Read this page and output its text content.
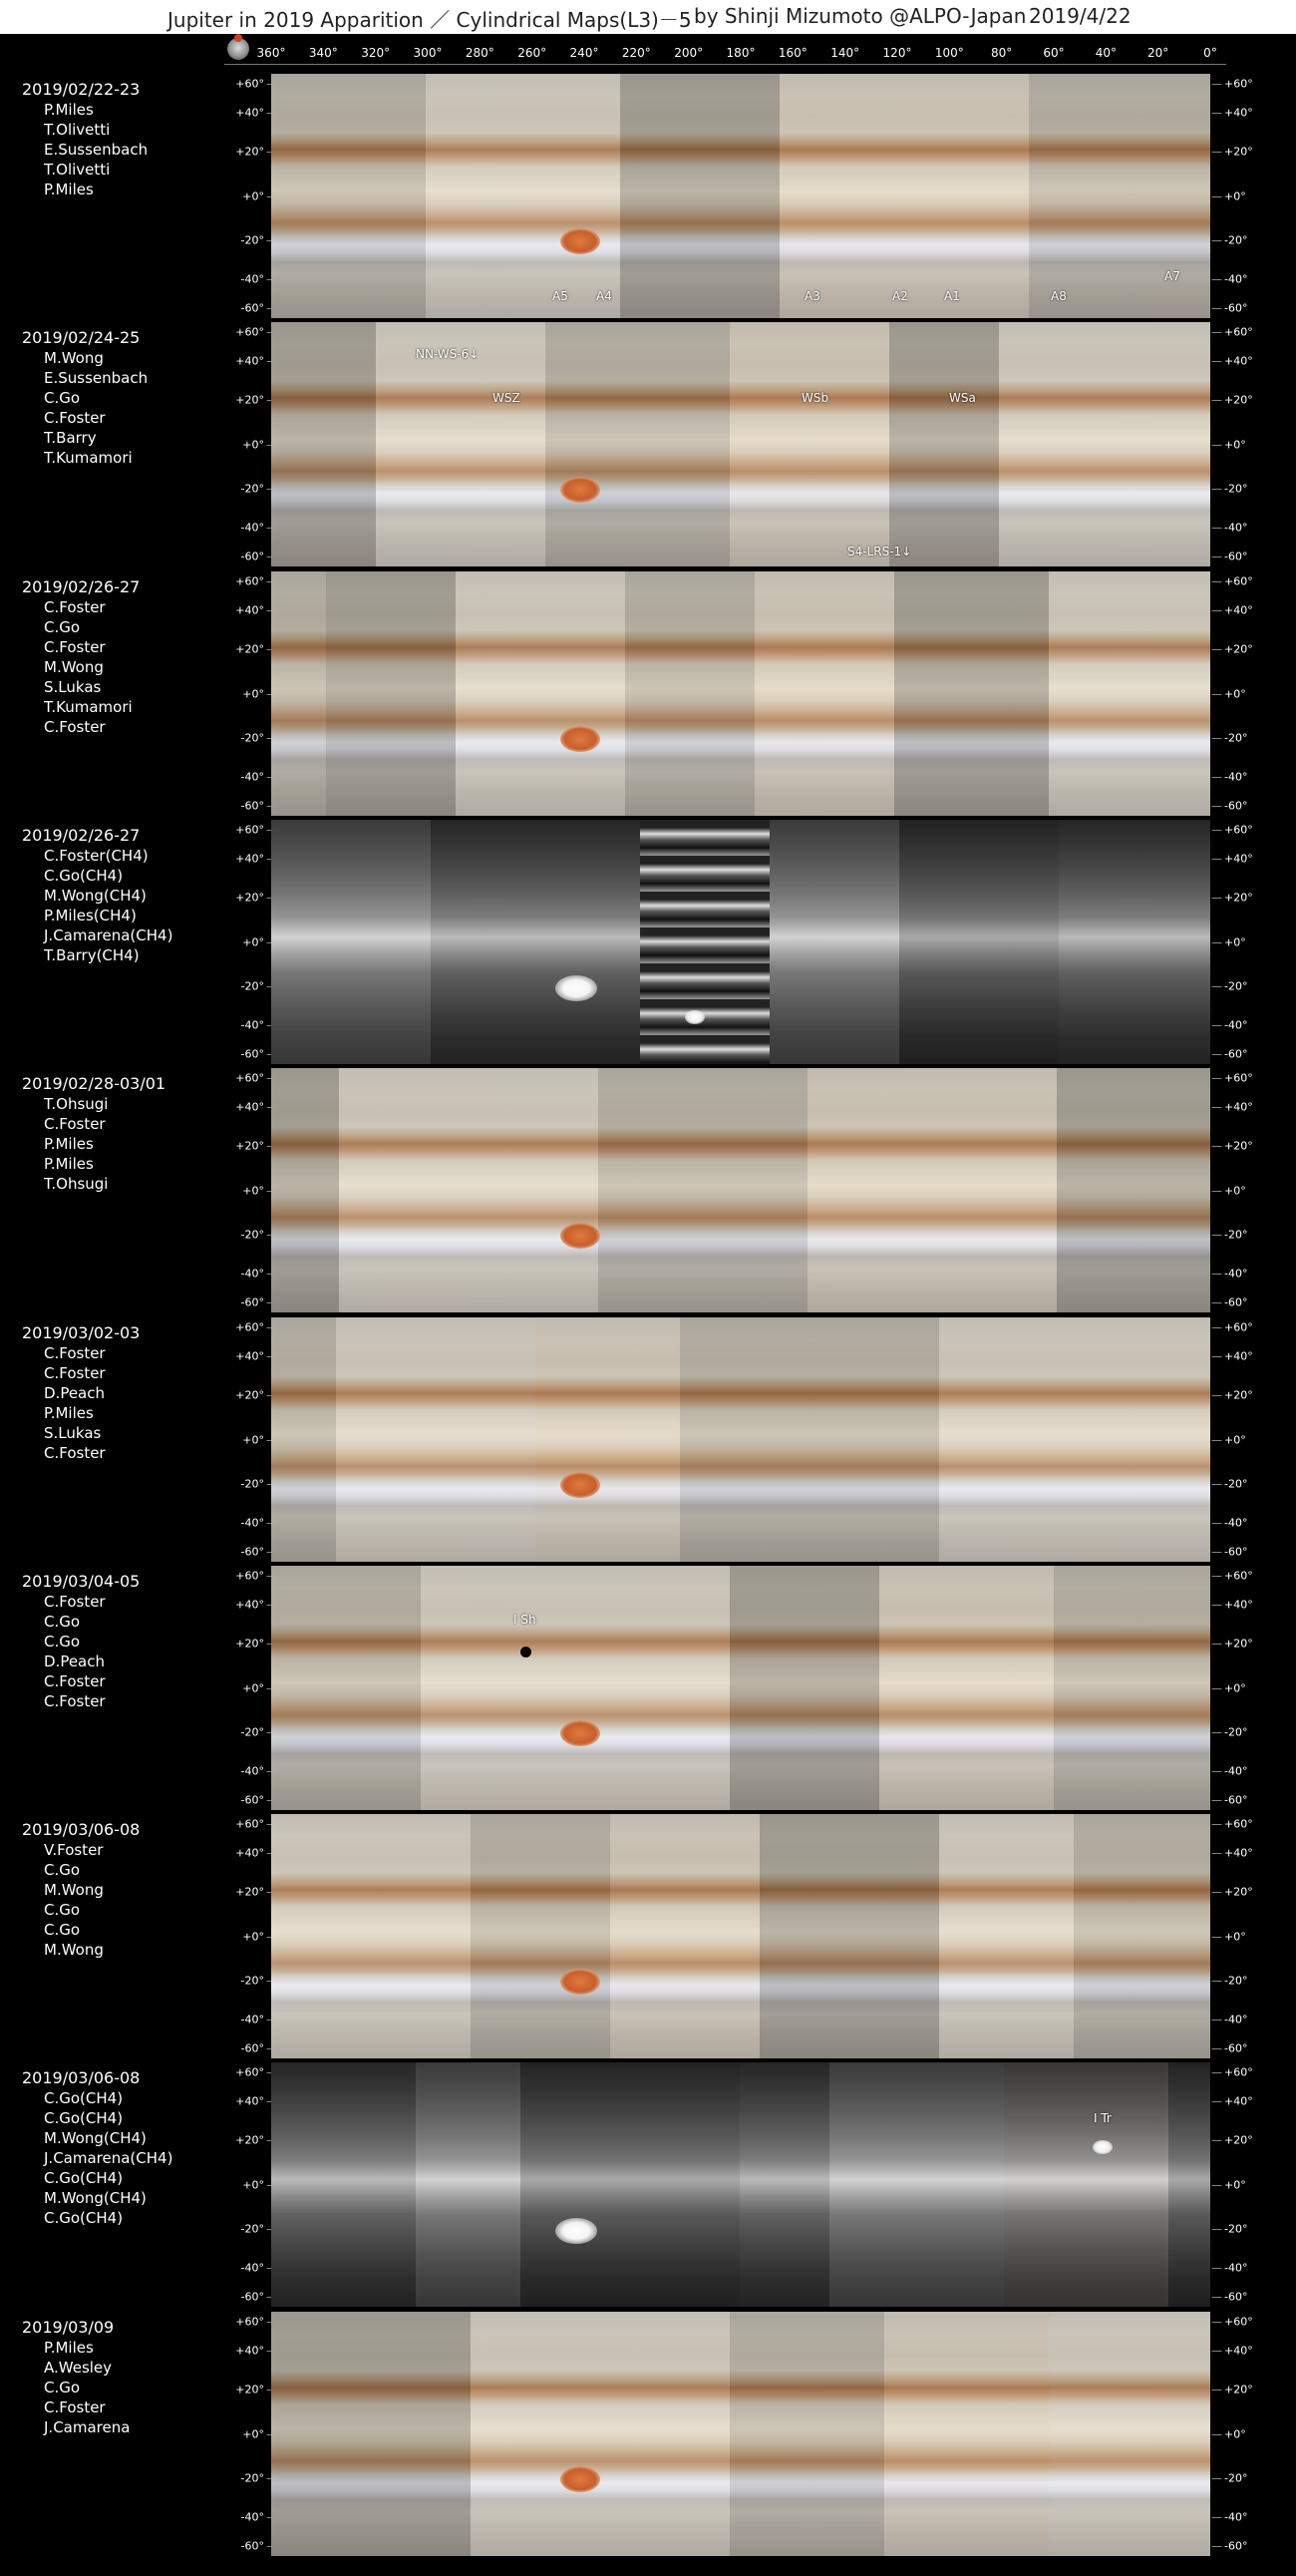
Jupiter in 2019 Apparition ／ Cylindrical Maps(L3)－5 by Shinji Mizumoto @ALPO-Japan 2019/4/22
360° 340° 320° 300° 280° 260° 240° 220° 200° 180° 160° 140° 120° 100° 80°	60°	40°	20°	0°
2019/02/22-23
P.Miles
T.Olivetti
E.Sussenbach
T.Olivetti
P.Miles
+60° —
+40° —
+20° —
+0° —
-20° —
-40° —
-60° —
— +60°
— +40°
— +20°
— +0°
— -20°
— -40°
— -60°
A5 A4	A3	A2	A1	A8
A7
2019/02/24-25
M.Wong
E.Sussenbach
C.Go
C.Foster
T.Barry
T.Kumamori
+60° —
+40° —
+20° —
+0° —
-20° —
-40° —
-60° —
— +60°
— +40°
— +20°
— +0°
— -20°
— -40°
— -60°
NN-WS-6↓
WSZ	WSb	WSa
S4-LRS-1↓
2019/02/26-27
C.Foster
C.Go
C.Foster
M.Wong
S.Lukas
T.Kumamori
C.Foster
+60° —
+40° —
+20° —
+0° —
-20° —
-40° —
-60° —
— +60°
— +40°
— +20°
— +0°
— -20°
— -40°
— -60°
2019/02/26-27
C.Foster(CH4)
C.Go(CH4)
M.Wong(CH4)
P.Miles(CH4)
J.Camarena(CH4)
T.Barry(CH4)
+60° —
+40° —
+20° —
+0° —
-20° —
-40° —
-60° —
— +60°
— +40°
— +20°
— +0°
— -20°
— -40°
— -60°
2019/02/28-03/01
T.Ohsugi
C.Foster
P.Miles
P.Miles
T.Ohsugi
+60° —
+40° —
+20° —
+0° —
-20° —
-40° —
-60° —
— +60°
— +40°
— +20°
— +0°
— -20°
— -40°
— -60°
2019/03/02-03
C.Foster
C.Foster
D.Peach
P.Miles
S.Lukas
C.Foster
+60° —
+40° —
+20° —
+0° —
-20° —
-40° —
-60° —
— +60°
— +40°
— +20°
— +0°
— -20°
— -40°
— -60°
2019/03/04-05
C.Foster
C.Go
C.Go
D.Peach
C.Foster
C.Foster
+60° —
+40° —
+20° —
+0° —
-20° —
-40° —
-60° —
— +60°
— +40°
— +20°
— +0°
— -20°
— -40°
— -60°
I Sh
2019/03/06-08
V.Foster
C.Go
M.Wong
C.Go
C.Go
M.Wong
+60° —
+40° —
+20° —
+0° —
-20° —
-40° —
-60° —
— +60°
— +40°
— +20°
— +0°
— -20°
— -40°
— -60°
2019/03/06-08
C.Go(CH4)
C.Go(CH4)
M.Wong(CH4)
J.Camarena(CH4)
C.Go(CH4)
M.Wong(CH4)
C.Go(CH4)
+60° —
+40° —
+20° —
+0° —
-20° —
-40° —
-60° —
— +60°
— +40°
— +20°
— +0°
— -20°
— -40°
— -60°
I Tr
2019/03/09
P.Miles
A.Wesley
C.Go
C.Foster
J.Camarena
+60° —
+40° —
+20° —
+0° —
-20° —
-40° —
-60° —
— +60°
— +40°
— +20°
— +0°
— -20°
— -40°
— -60°
